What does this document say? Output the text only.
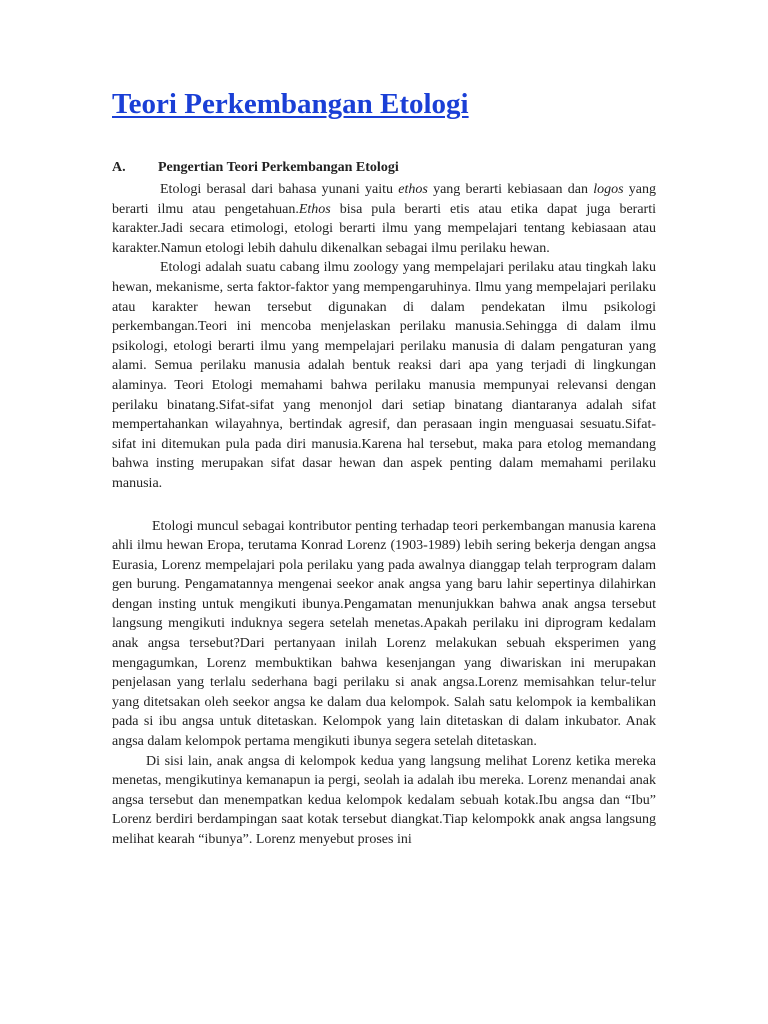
Teori Perkembangan Etologi
A. Pengertian Teori Perkembangan Etologi

Etologi berasal dari bahasa yunani yaitu ethos yang berarti kebiasaan dan logos yang berarti ilmu atau pengetahuan.Ethos bisa pula berarti etis atau etika dapat juga berarti karakter.Jadi secara etimologi, etologi berarti ilmu yang mempelajari tentang kebiasaan atau karakter.Namun etologi lebih dahulu dikenalkan sebagai ilmu perilaku hewan.

Etologi adalah suatu cabang ilmu zoology yang mempelajari perilaku atau tingkah laku hewan, mekanisme, serta faktor-faktor yang mempengaruhinya. Ilmu yang mempelajari perilaku atau karakter hewan tersebut digunakan di dalam pendekatan ilmu psikologi perkembangan.Teori ini mencoba menjelaskan perilaku manusia.Sehingga di dalam ilmu psikologi, etologi berarti ilmu yang mempelajari perilaku manusia di dalam pengaturan yang alami. Semua perilaku manusia adalah bentuk reaksi dari apa yang terjadi di lingkungan alaminya. Teori Etologi memahami bahwa perilaku manusia mempunyai relevansi dengan perilaku binatang.Sifat-sifat yang menonjol dari setiap binatang diantaranya adalah sifat mempertahankan wilayahnya, bertindak agresif, dan perasaan ingin menguasai sesuatu.Sifat-sifat ini ditemukan pula pada diri manusia.Karena hal tersebut, maka para etolog memandang bahwa insting merupakan sifat dasar hewan dan aspek penting dalam memahami perilaku manusia.

Etologi muncul sebagai kontributor penting terhadap teori perkembangan manusia karena ahli ilmu hewan Eropa, terutama Konrad Lorenz (1903-1989) lebih sering bekerja dengan angsa Eurasia, Lorenz mempelajari pola perilaku yang pada awalnya dianggap telah terprogram dalam gen burung. Pengamatannya mengenai seekor anak angsa yang baru lahir sepertinya dilahirkan dengan insting untuk mengikuti ibunya.Pengamatan menunjukkan bahwa anak angsa tersebut langsung mengikuti induknya segera setelah menetas.Apakah perilaku ini diprogram kedalam anak angsa tersebut?Dari pertanyaan inilah Lorenz melakukan sebuah eksperimen yang mengagumkan, Lorenz membuktikan bahwa kesenjangan yang diwariskan ini merupakan penjelasan yang terlalu sederhana bagi perilaku si anak angsa.Lorenz memisahkan telur-telur yang ditetsakan oleh seekor angsa ke dalam dua kelompok. Salah satu kelompok ia kembalikan pada si ibu angsa untuk ditetaskan. Kelompok yang lain ditetaskan di dalam inkubator. Anak angsa dalam kelompok pertama mengikuti ibunya segera setelah ditetaskan.

Di sisi lain, anak angsa di kelompok kedua yang langsung melihat Lorenz ketika mereka menetas, mengikutinya kemanapun ia pergi, seolah ia adalah ibu mereka. Lorenz menandai anak angsa tersebut dan menempatkan kedua kelompok kedalam sebuah kotak.Ibu angsa dan “Ibu” Lorenz berdiri berdampingan saat kotak tersebut diangkat.Tiap kelompokk anak angsa langsung melihat kearah “ibunya”. Lorenz menyebut proses ini
